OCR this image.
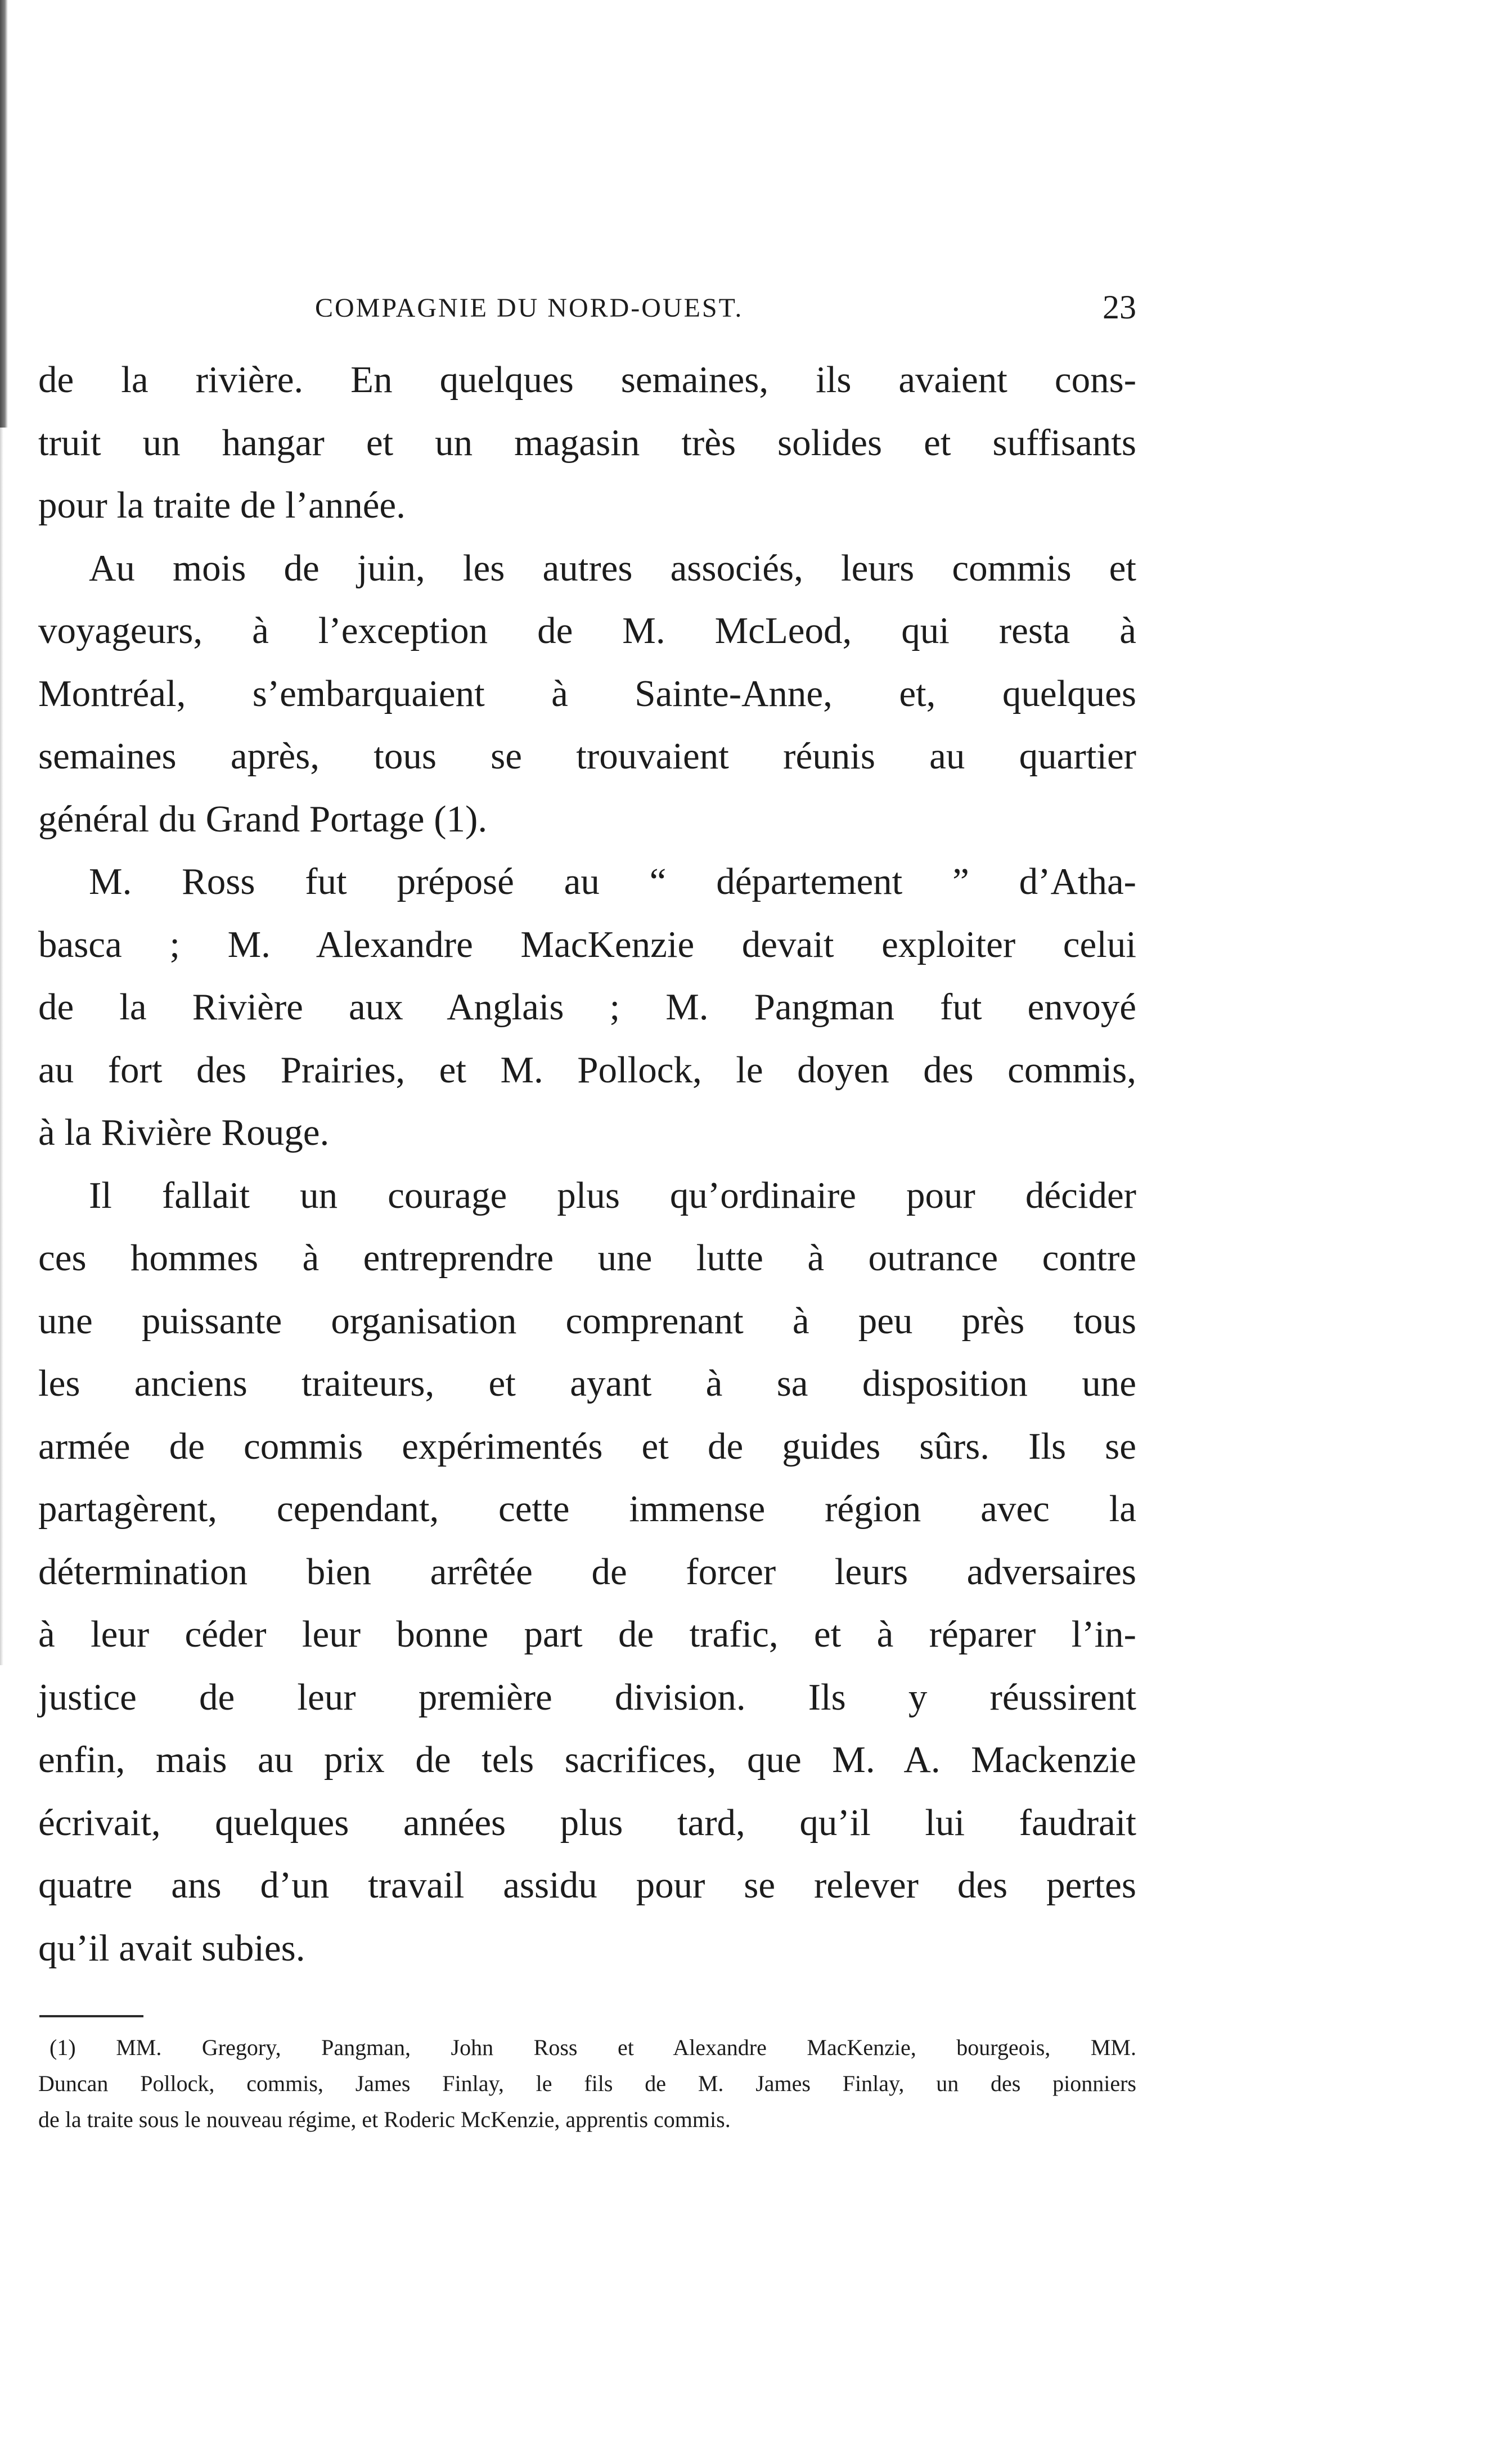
COMPAGNIE DU NORD-OUEST.	23
de la rivière. En quelques semaines, ils avaient cons-
truit un hangar et un magasin très solides et suffisants
pour la traite de l’année.
Au mois de juin, les autres associés, leurs commis et
voyageurs, à l’exception de M. McLeod, qui resta à
Montréal, s’embarquaient à Sainte-Anne, et, quelques
semaines après, tous se trouvaient réunis au quartier
général du Grand Portage (1).
M. Ross fut préposé au “ département ” d’Atha-
basca ; M. Alexandre MacKenzie devait exploiter celui
de la Rivière aux Anglais ; M. Pangman fut envoyé
au fort des Prairies, et M. Pollock, le doyen des commis,
à la Rivière Rouge.
Il fallait un courage plus qu’ordinaire pour décider
ces hommes à entreprendre une lutte à outrance contre
une puissante organisation comprenant à peu près tous
les anciens traiteurs, et ayant à sa disposition une
armée de commis expérimentés et de guides sûrs. Ils se
partagèrent, cependant, cette immense région avec la
détermination bien arrêtée de forcer leurs adversaires
à leur céder leur bonne part de trafic, et à réparer l’in-
justice de leur première division. Ils y réussirent
enfin, mais au prix de tels sacrifices, que M. A. Mackenzie
écrivait, quelques années plus tard, qu’il lui faudrait
quatre ans d’un travail assidu pour se relever des pertes
qu’il avait subies.
(1) MM. Gregory, Pangman, John Ross et Alexandre MacKenzie, bourgeois, MM.
Duncan Pollock, commis, James Finlay, le fils de M. James Finlay, un des pionniers
de la traite sous le nouveau régime, et Roderic McKenzie, apprentis commis.
